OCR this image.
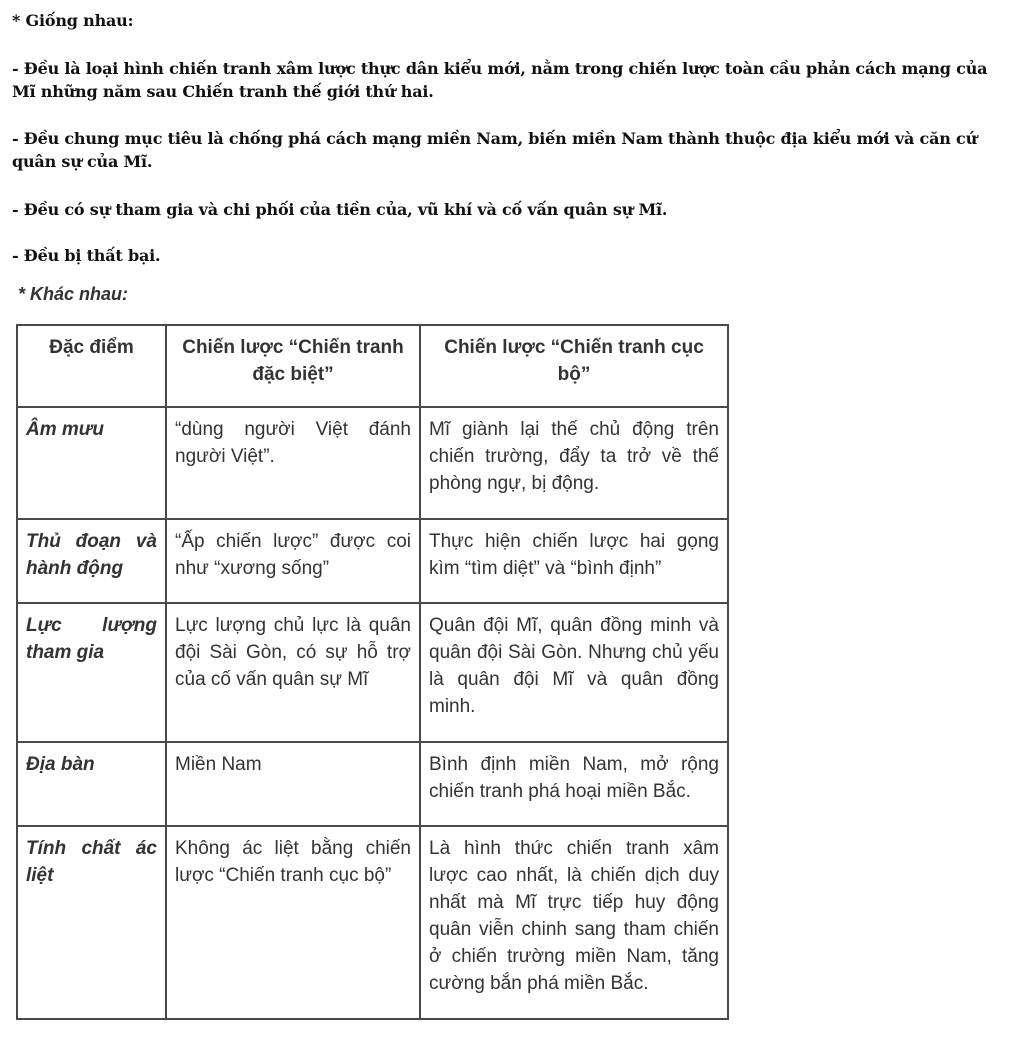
* Giống nhau:

- Đều là loại hình chiến tranh xâm lược thực dân kiểu mới, nằm trong chiến lược toàn cầu phản cách mạng của Mĩ những năm sau Chiến tranh thế giới thứ hai.

- Đều chung mục tiêu là chống phá cách mạng miền Nam, biến miền Nam thành thuộc địa kiểu mới và căn cứ quân sự của Mĩ.

- Đều có sự tham gia và chi phối của tiền của, vũ khí và cố vấn quân sự Mĩ.

- Đều bị thất bại.

* Khác nhau:

Đặc điểm	Chiến lược “Chiến tranh đặc biệt”	Chiến lược “Chiến tranh cục bộ”
Âm mưu	“dùng người Việt đánh người Việt”.	Mĩ giành lại thế chủ động trên chiến trường, đẩy ta trở về thế phòng ngự, bị động.
Thủ đoạn và hành động	“Ấp chiến lược” được coi như “xương sống”	Thực hiện chiến lược hai gọng kìm “tìm diệt” và “bình định”
Lực lượng tham gia	Lực lượng chủ lực là quân đội Sài Gòn, có sự hỗ trợ của cố vấn quân sự Mĩ	Quân đội Mĩ, quân đồng minh và quân đội Sài Gòn. Nhưng chủ yếu là quân đội Mĩ và quân đồng minh.
Địa bàn	Miền Nam	Bình định miền Nam, mở rộng chiến tranh phá hoại miền Bắc.
Tính chất ác liệt	Không ác liệt bằng chiến lược “Chiến tranh cục bộ”	Là hình thức chiến tranh xâm lược cao nhất, là chiến dịch duy nhất mà Mĩ trực tiếp huy động quân viễn chinh sang tham chiến ở chiến trường miền Nam, tăng cường bắn phá miền Bắc.
